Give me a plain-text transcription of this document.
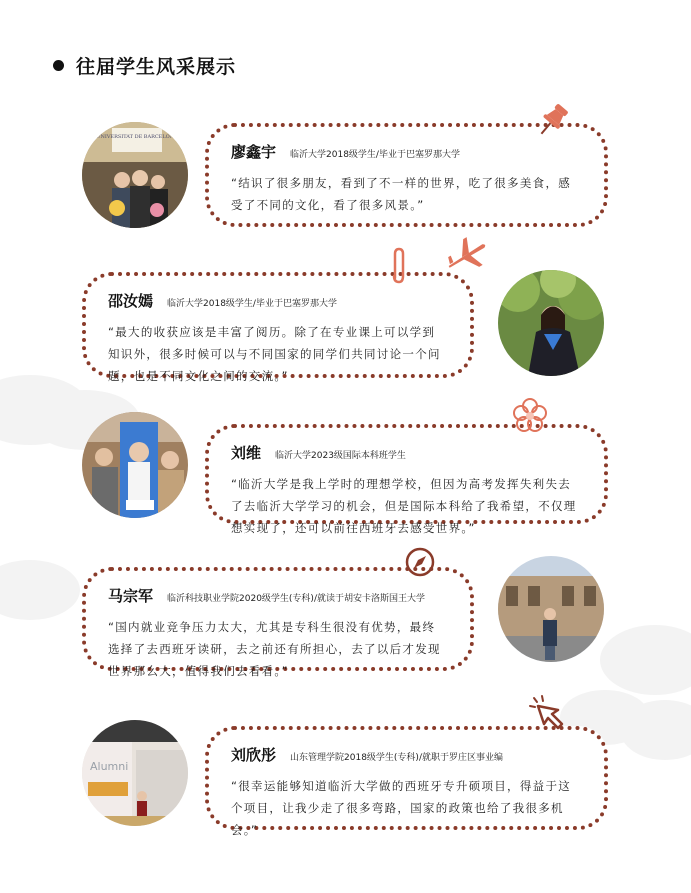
往届学生风采展示
UNIVERSITAT DE BARCELONA
廖鑫宇 临沂大学2018级学生/毕业于巴塞罗那大学
“结识了很多朋友，看到了不一样的世界，吃了很多美食，感受了不同的文化，看了很多风景。”
邵汝嫣 临沂大学2018级学生/毕业于巴塞罗那大学
“最大的收获应该是丰富了阅历。除了在专业课上可以学到知识外，很多时候可以与不同国家的同学们共同讨论一个问题，也是不同文化之间的交流。”
刘维 临沂大学2023级国际本科班学生
“临沂大学是我上学时的理想学校，但因为高考发挥失利失去了去临沂大学学习的机会，但是国际本科给了我希望，不仅理想实现了，还可以前往西班牙去感受世界。”
马宗军 临沂科技职业学院2020级学生(专科)/就读于胡安卡洛斯国王大学
“国内就业竞争压力太大，尤其是专科生很没有优势，最终选择了去西班牙读研，去之前还有所担心，去了以后才发现世界那么大，值得我们去看看。”
Alumni
刘欣彤 山东管理学院2018级学生(专科)/就职于罗庄区事业编
“很幸运能够知道临沂大学做的西班牙专升硕项目，得益于这个项目，让我少走了很多弯路，国家的政策也给了我很多机会。”
